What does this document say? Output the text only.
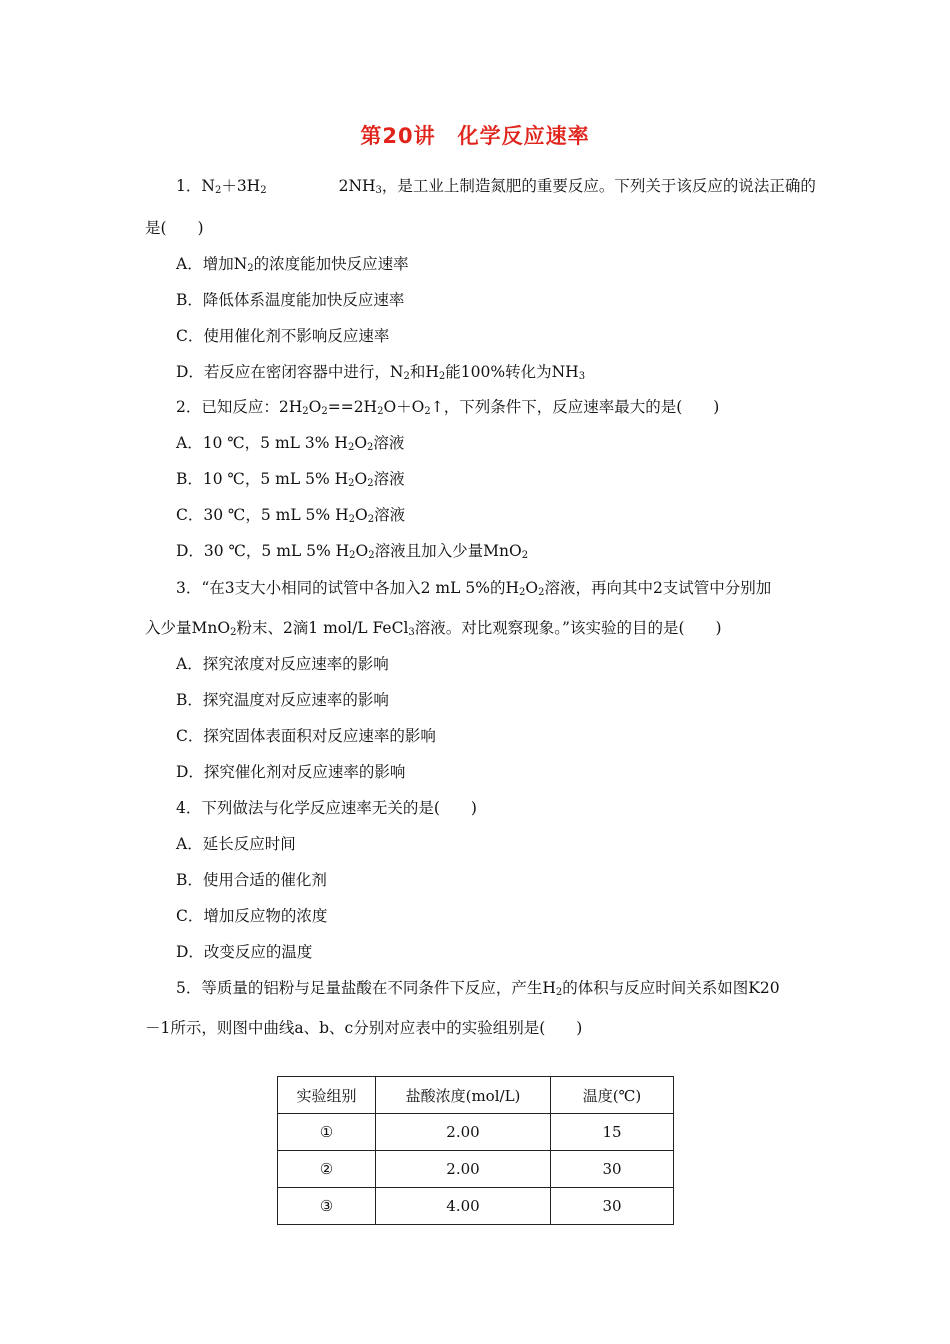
第20讲　化学反应速率
1．$N_2+3H_2$	$2NH_3$，是工业上制造氮肥的重要反应。下列关于该反应的说法正确的
是(　　)
A．增加$N_2$的浓度能加快反应速率
B．降低体系温度能加快反应速率
C．使用催化剂不影响反应速率
D．若反应在密闭容器中进行，$N_2$和$H_2$能100%转化为$NH_3$
2．已知反应：$2H_2O_2==2H_2O+O_2↑$，下列条件下，反应速率最大的是(　　)
A．10 ℃，5 mL 3% $H_2O_2$溶液
B．10 ℃，5 mL 5% $H_2O_2$溶液
C．30 ℃，5 mL 5% $H_2O_2$溶液
D．30 ℃，5 mL 5% $H_2O_2$溶液且加入少量MnO$_2$
3．“在3支大小相同的试管中各加入2 mL 5%的$H_2O_2$溶液，再向其中2支试管中分别加
入少量MnO$_2$粉末、2滴1 mol/L FeCl$_3$溶液。对比观察现象。”该实验的目的是(　　)
A．探究浓度对反应速率的影响
B．探究温度对反应速率的影响
C．探究固体表面积对反应速率的影响
D．探究催化剂对反应速率的影响
4．下列做法与化学反应速率无关的是(　　)
A．延长反应时间
B．使用合适的催化剂
C．增加反应物的浓度
D．改变反应的温度
5．等质量的铝粉与足量盐酸在不同条件下反应，产生$H_2$的体积与反应时间关系如图K20
－1所示，则图中曲线a、b、c分别对应表中的实验组别是(　　)
实验组别	盐酸浓度(mol/L)	温度(℃)
①	2.00	15
②	2.00	30
③	4.00	30
